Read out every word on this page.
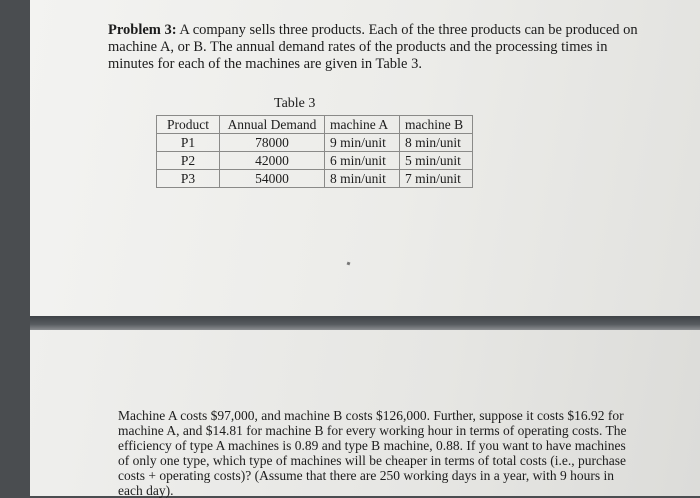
Problem 3: A company sells three products. Each of the three products can be produced on machine A, or B. The annual demand rates of the products and the processing times in minutes for each of the machines are given in Table 3.
Table 3
Product	Annual Demand	machine A	machine B
P1	78000	9 min/unit	8 min/unit
P2	42000	6 min/unit	5 min/unit
P3	54000	8 min/unit	7 min/unit
Machine A costs $97,000, and machine B costs $126,000. Further, suppose it costs $16.92 for machine A, and $14.81 for machine B for every working hour in terms of operating costs. The efficiency of type A machines is 0.89 and type B machine, 0.88. If you want to have machines of only one type, which type of machines will be cheaper in terms of total costs (i.e., purchase costs + operating costs)? (Assume that there are 250 working days in a year, with 9 hours in each day).
